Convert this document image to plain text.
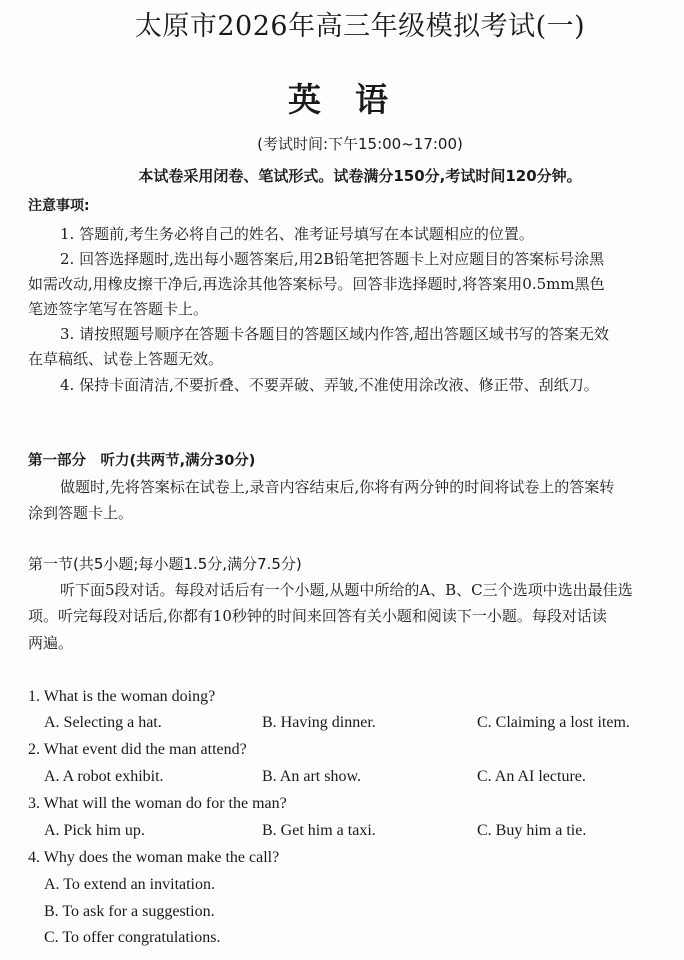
太原市2026年高三年级模拟考试(一)
英语
(考试时间:下午15:00~17:00)
本试卷采用闭卷、笔试形式。试卷满分150分,考试时间120分钟。
注意事项:
1. 答题前,考生务必将自己的姓名、准考证号填写在本试题相应的位置。
2. 回答选择题时,选出每小题答案后,用2B铅笔把答题卡上对应题目的答案标号涂黑
如需改动,用橡皮擦干净后,再选涂其他答案标号。回答非选择题时,将答案用0.5mm黑色
笔迹签字笔写在答题卡上。
3. 请按照题号顺序在答题卡各题目的答题区域内作答,超出答题区域书写的答案无效
在草稿纸、试卷上答题无效。
4. 保持卡面清洁,不要折叠、不要弄破、弄皱,不准使用涂改液、修正带、刮纸刀。
第一部分　听力(共两节,满分30分)
做题时,先将答案标在试卷上,录音内容结束后,你将有两分钟的时间将试卷上的答案转
涂到答题卡上。
第一节(共5小题;每小题1.5分,满分7.5分)
听下面5段对话。每段对话后有一个小题,从题中所给的A、B、C三个选项中选出最佳选
项。听完每段对话后,你都有10秒钟的时间来回答有关小题和阅读下一小题。每段对话读
两遍。
1. What is the woman doing?
A. Selecting a hat.	B. Having dinner.	C. Claiming a lost item.
2. What event did the man attend?
A. A robot exhibit.	B. An art show.	C. An AI lecture.
3. What will the woman do for the man?
A. Pick him up.	B. Get him a taxi.	C. Buy him a tie.
4. Why does the woman make the call?
A. To extend an invitation.
B. To ask for a suggestion.
C. To offer congratulations.
